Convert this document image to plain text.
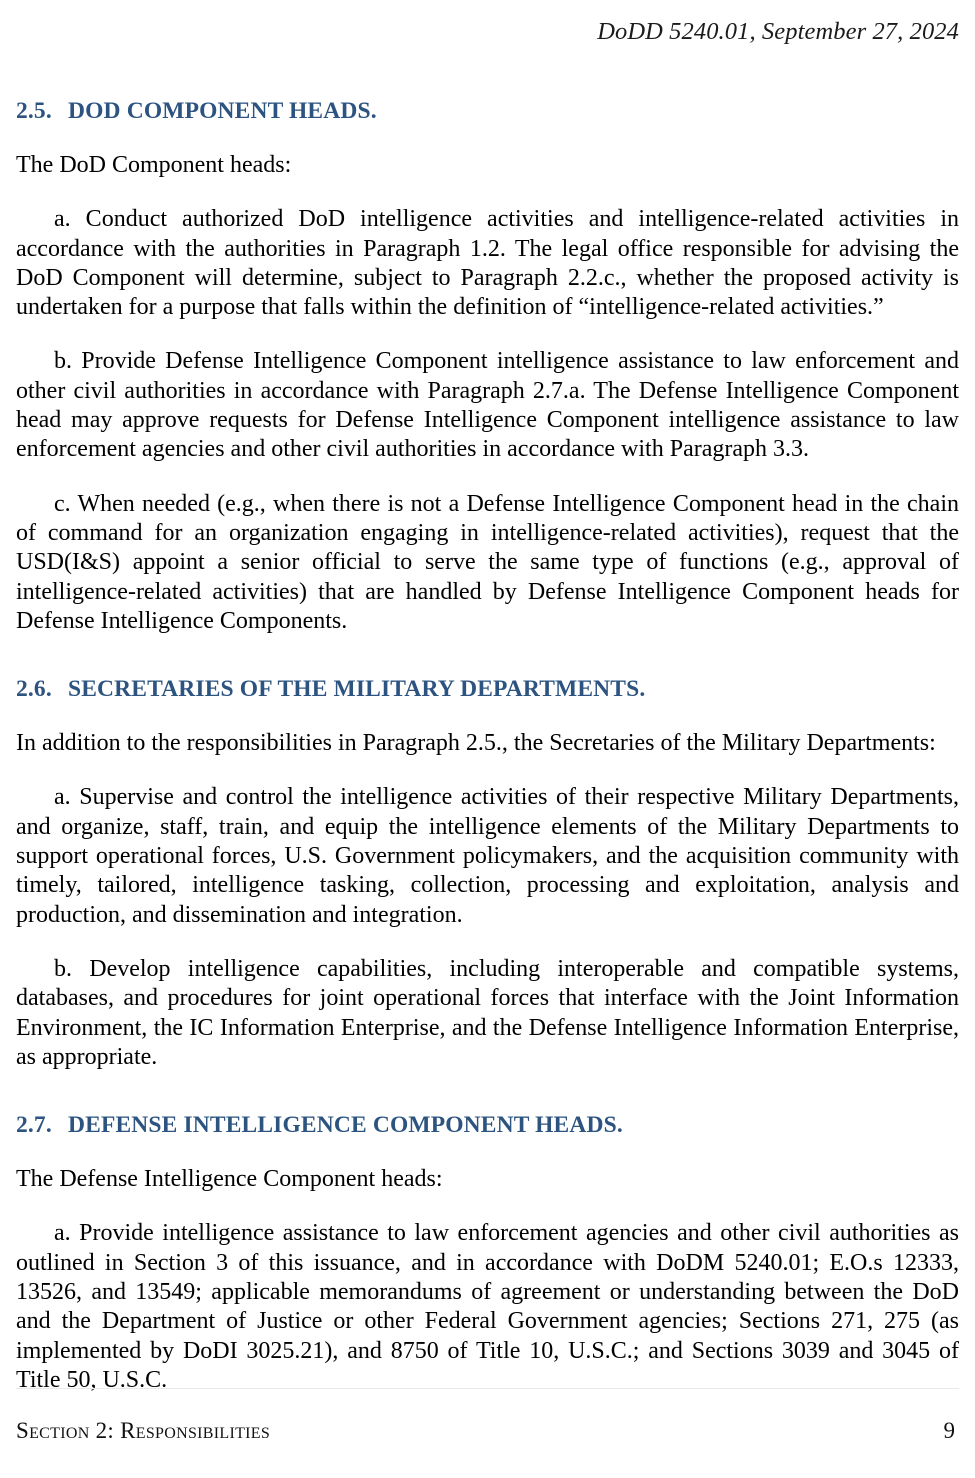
DoDD 5240.01, September 27, 2024
2.5. DOD COMPONENT HEADS.

The DoD Component heads:

a. Conduct authorized DoD intelligence activities and intelligence-related activities in accordance with the authorities in Paragraph 1.2. The legal office responsible for advising the DoD Component will determine, subject to Paragraph 2.2.c., whether the proposed activity is undertaken for a purpose that falls within the definition of “intelligence-related activities.”

b. Provide Defense Intelligence Component intelligence assistance to law enforcement and other civil authorities in accordance with Paragraph 2.7.a. The Defense Intelligence Component head may approve requests for Defense Intelligence Component intelligence assistance to law enforcement agencies and other civil authorities in accordance with Paragraph 3.3.

c. When needed (e.g., when there is not a Defense Intelligence Component head in the chain of command for an organization engaging in intelligence-related activities), request that the USD(I&S) appoint a senior official to serve the same type of functions (e.g., approval of intelligence-related activities) that are handled by Defense Intelligence Component heads for Defense Intelligence Components.

2.6. SECRETARIES OF THE MILITARY DEPARTMENTS.

In addition to the responsibilities in Paragraph 2.5., the Secretaries of the Military Departments:

a. Supervise and control the intelligence activities of their respective Military Departments, and organize, staff, train, and equip the intelligence elements of the Military Departments to support operational forces, U.S. Government policymakers, and the acquisition community with timely, tailored, intelligence tasking, collection, processing and exploitation, analysis and production, and dissemination and integration.

b. Develop intelligence capabilities, including interoperable and compatible systems, databases, and procedures for joint operational forces that interface with the Joint Information Environment, the IC Information Enterprise, and the Defense Intelligence Information Enterprise, as appropriate.

2.7. DEFENSE INTELLIGENCE COMPONENT HEADS.

The Defense Intelligence Component heads:

a. Provide intelligence assistance to law enforcement agencies and other civil authorities as outlined in Section 3 of this issuance, and in accordance with DoDM 5240.01; E.O.s 12333, 13526, and 13549; applicable memorandums of agreement or understanding between the DoD and the Department of Justice or other Federal Government agencies; Sections 271, 275 (as implemented by DoDI 3025.21), and 8750 of Title 10, U.S.C.; and Sections 3039 and 3045 of Title 50, U.S.C.

Section 2: Responsibilities	9
